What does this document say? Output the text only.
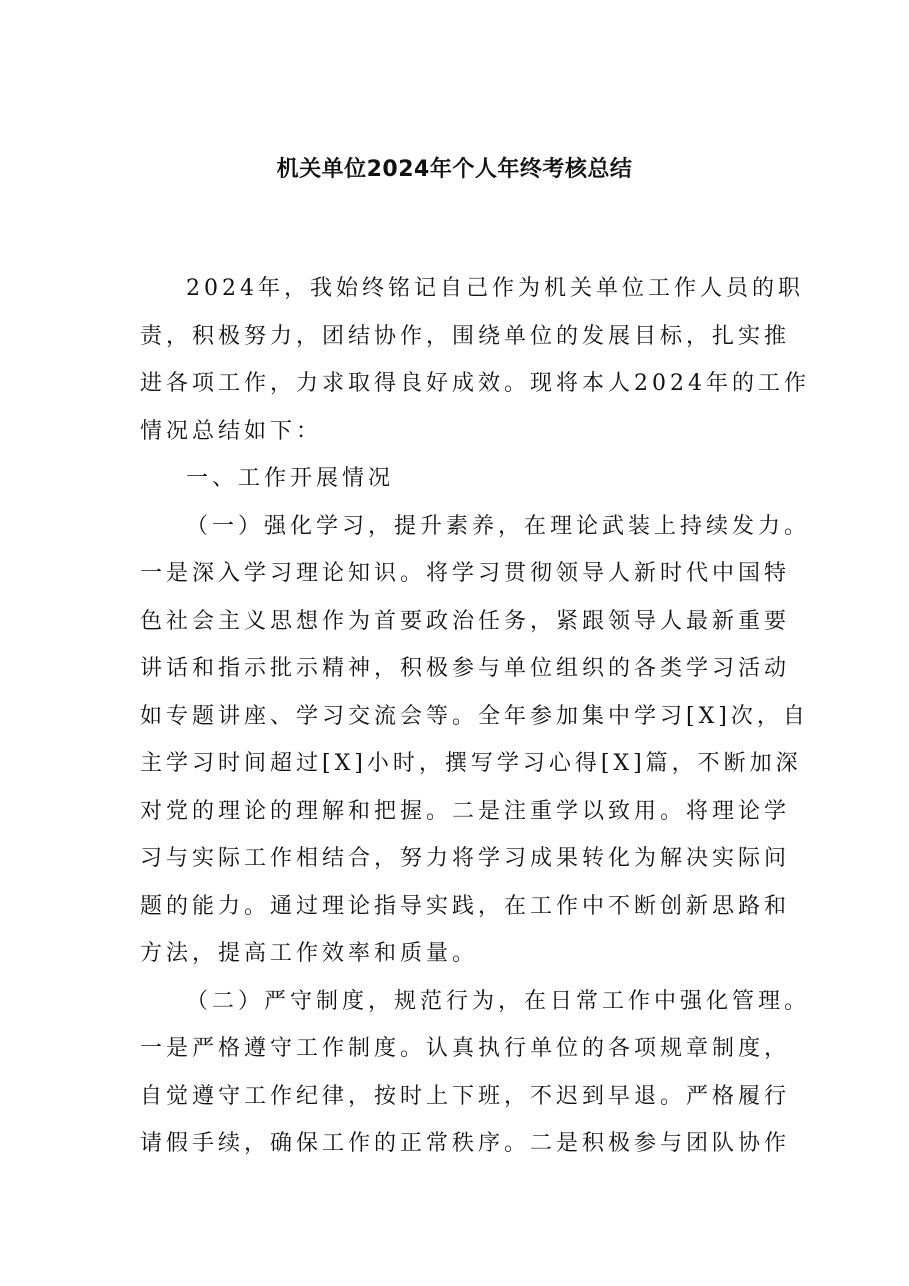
机关单位2024年个人年终考核总结
2024年，我始终铭记自己作为机关单位工作人员的职
责，积极努力，团结协作，围绕单位的发展目标，扎实推
进各项工作，力求取得良好成效。现将本人2024年的工作
情况总结如下：
一、工作开展情况
（一）强化学习，提升素养，在理论武装上持续发力。
一是深入学习理论知识。将学习贯彻领导人新时代中国特
色社会主义思想作为首要政治任务，紧跟领导人最新重要
讲话和指示批示精神，积极参与单位组织的各类学习活动
如专题讲座、学习交流会等。全年参加集中学习[X]次，自
主学习时间超过[X]小时，撰写学习心得[X]篇，不断加深
对党的理论的理解和把握。二是注重学以致用。将理论学
习与实际工作相结合，努力将学习成果转化为解决实际问
题的能力。通过理论指导实践，在工作中不断创新思路和
方法，提高工作效率和质量。
（二）严守制度，规范行为，在日常工作中强化管理。
一是严格遵守工作制度。认真执行单位的各项规章制度，
自觉遵守工作纪律，按时上下班，不迟到早退。严格履行
请假手续，确保工作的正常秩序。二是积极参与团队协作
